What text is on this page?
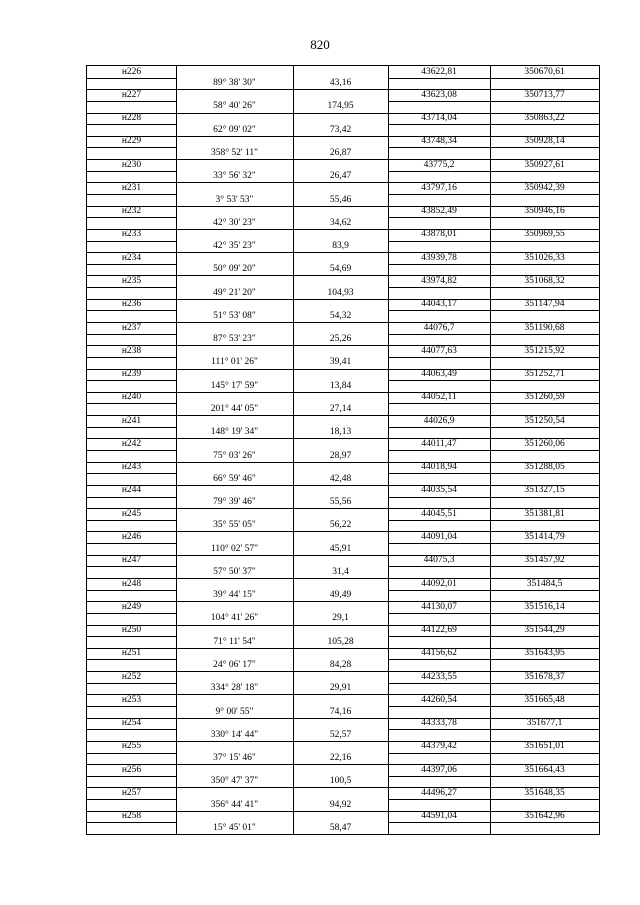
820
н226	43622,81	350670,61
89° 38' 30"	43,16
н227	43623,08	350713,77
58° 40' 26"	174,95
н228	43714,04	350863,22
62° 09' 02"	73,42
н229	43748,34	350928,14
358° 52' 11"	26,87
н230	43775,2	350927,61
33° 56' 32"	26,47
н231	43797,16	350942,39
3° 53' 53"	55,46
н232	43852,49	350946,16
42° 30' 23"	34,62
н233	43878,01	350969,55
42° 35' 23"	83,9
н234	43939,78	351026,33
50° 09' 20"	54,69
н235	43974,82	351068,32
49° 21' 20"	104,93
н236	44043,17	351147,94
51° 53' 08"	54,32
н237	44076,7	351190,68
87° 53' 23"	25,26
н238	44077,63	351215,92
111° 01' 26"	39,41
н239	44063,49	351252,71
145° 17' 59"	13,84
н240	44052,11	351260,59
201° 44' 05"	27,14
н241	44026,9	351250,54
148° 19' 34"	18,13
н242	44011,47	351260,06
75° 03' 26"	28,97
н243	44018,94	351288,05
66° 59' 46"	42,48
н244	44035,54	351327,15
79° 39' 46"	55,56
н245	44045,51	351381,81
35° 55' 05"	56,22
н246	44091,04	351414,79
110° 02' 57"	45,91
н247	44075,3	351457,92
57° 50' 37"	31,4
н248	44092,01	351484,5
39° 44' 15"	49,49
н249	44130,07	351516,14
104° 41' 26"	29,1
н250	44122,69	351544,29
71° 11' 54"	105,28
н251	44156,62	351643,95
24° 06' 17"	84,28
н252	44233,55	351678,37
334° 28' 18"	29,91
н253	44260,54	351665,48
9° 00' 55"	74,16
н254	44333,78	351677,1
330° 14' 44"	52,57
н255	44379,42	351651,01
37° 15' 46"	22,16
н256	44397,06	351664,43
350° 47' 37"	100,5
н257	44496,27	351648,35
356° 44' 41"	94,92
н258	44591,04	351642,96
15° 45' 01"	58,47
